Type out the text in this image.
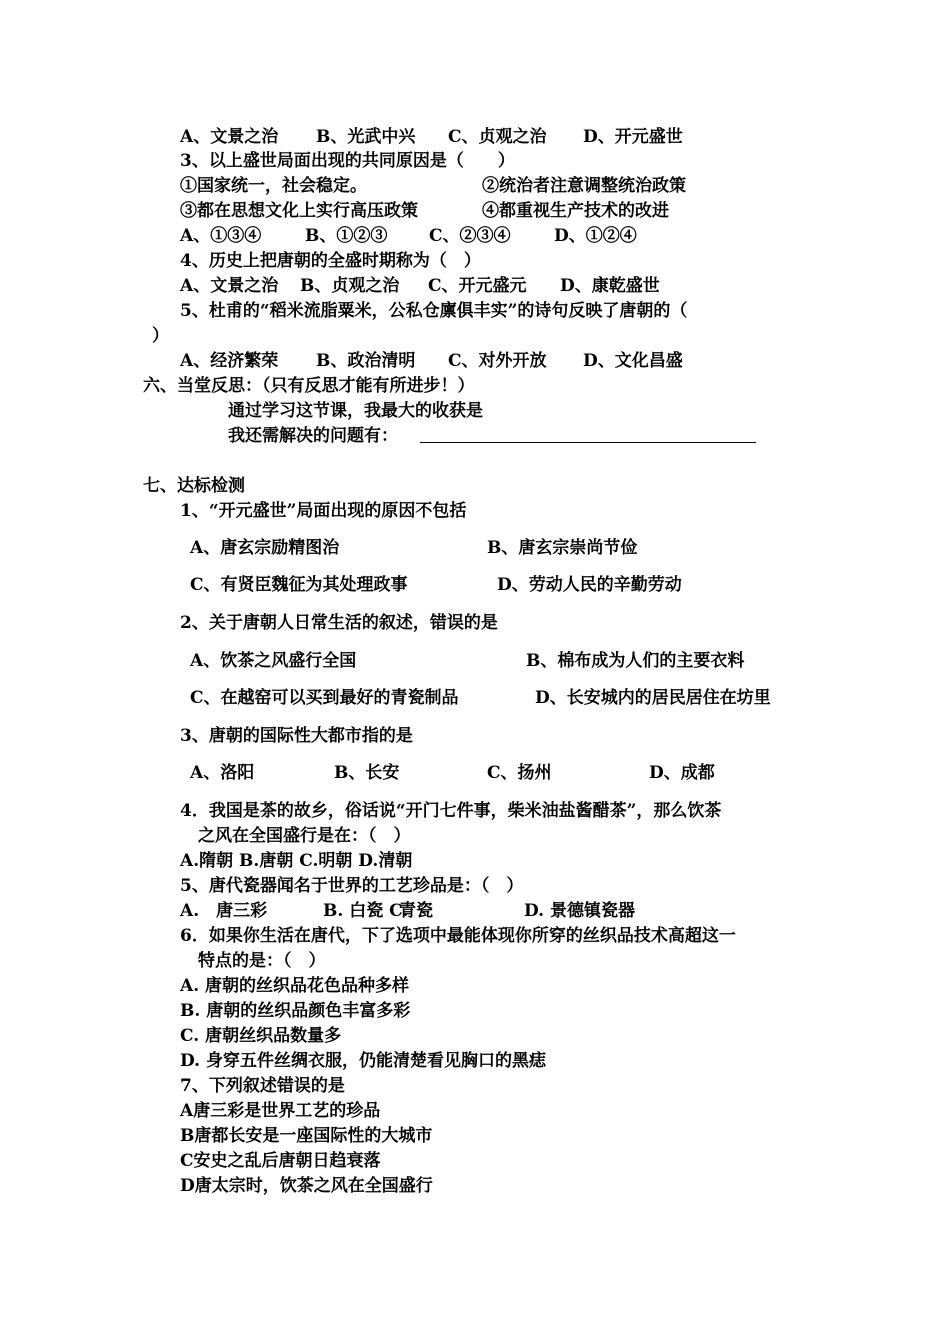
A、文景之治 B、光武中兴 C、贞观之治 D、开元盛世
3、以上盛世局面出现的共同原因是（　　）
①国家统一，社会稳定。	②统治者注意调整统治政策
③都在思想文化上实行高压政策	④都重视生产技术的改进
A、①③④	B、①②③ C、②③④	D、①②④
4、历史上把唐朝的全盛时期称为（　）
A、文景之治 B、贞观之治 C、开元盛元 D、康乾盛世
5、杜甫的“稻米流脂粟米，公私仓廪俱丰实”的诗句反映了唐朝的（
）
A、经济繁荣 B、政治清明 C、对外开放 D、文化昌盛
六、当堂反思：（只有反思才能有所进步！）
通过学习这节课，我最大的收获是
我还需解决的问题有：
七、达标检测
1、“开元盛世”局面出现的原因不包括
A、唐玄宗励精图治	B、唐玄宗崇尚节俭
C、有贤臣魏征为其处理政事	D、劳动人民的辛勤劳动
2、关于唐朝人日常生活的叙述，错误的是
A、饮茶之风盛行全国	B、棉布成为人们的主要衣料
C、在越窑可以买到最好的青瓷制品	D、长安城内的居民居住在坊里
3、唐朝的国际性大都市指的是
A、洛阳	B、长安	C、扬州	D、成都
4．我国是茶的故乡，俗话说“开门七件事，柴米油盐酱醋茶”，那么饮茶
之风在全国盛行是在：（　）
A.隋朝 B.唐朝 C.明朝 D.清朝
5、唐代瓷器闻名于世界的工艺珍品是：（　）
A.　唐三彩	B. 白瓷 C.
青瓷	D. 景德镇瓷器
6．如果你生活在唐代，下了选项中最能体现你所穿的丝织品技术高超这一
特点的是：（　）
A. 唐朝的丝织品花色品种多样
B. 唐朝的丝织品颜色丰富多彩
C. 唐朝丝织品数量多
D. 身穿五件丝绸衣服，仍能清楚看见胸口的黑痣
7、下列叙述错误的是
A唐三彩是世界工艺的珍品
B唐都长安是一座国际性的大城市
C安史之乱后唐朝日趋衰落
D唐太宗时，饮茶之风在全国盛行
